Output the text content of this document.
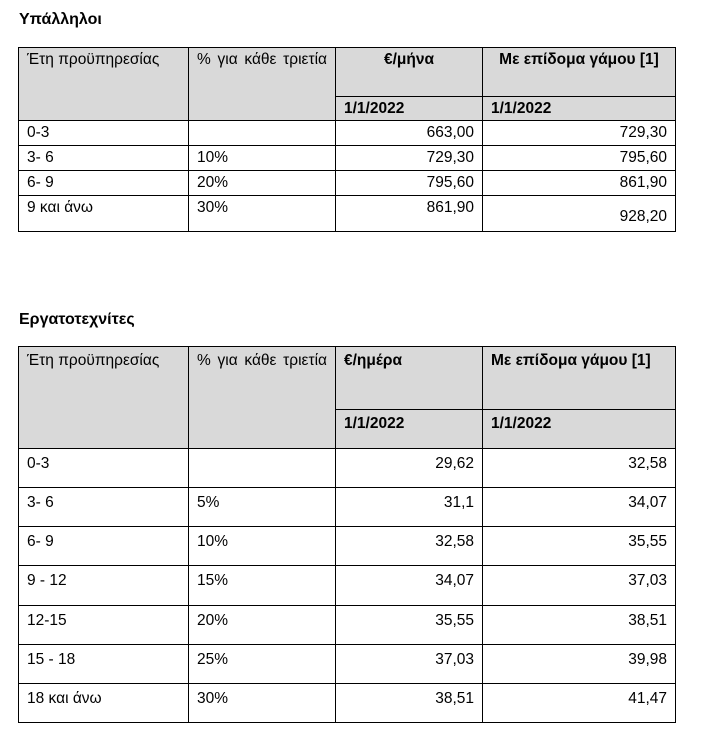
Υπάλληλοι
Έτη προϋπηρεσίας	% για κάθε τριετία	€/μήνα	Με επίδομα γάμου [1]
		1/1/2022	1/1/2022
0-3		663,00	729,30
3- 6	10%	729,30	795,60
6- 9	20%	795,60	861,90
9 και άνω	30%	861,90	928,20
Εργατοτεχνίτες
Έτη προϋπηρεσίας	% για κάθε τριετία	€/ημέρα	Με επίδομα γάμου [1]
		1/1/2022	1/1/2022
0-3		29,62	32,58
3- 6	5%	31,1	34,07
6- 9	10%	32,58	35,55
9 - 12	15%	34,07	37,03
12-15	20%	35,55	38,51
15 - 18	25%	37,03	39,98
18 και άνω	30%	38,51	41,47
